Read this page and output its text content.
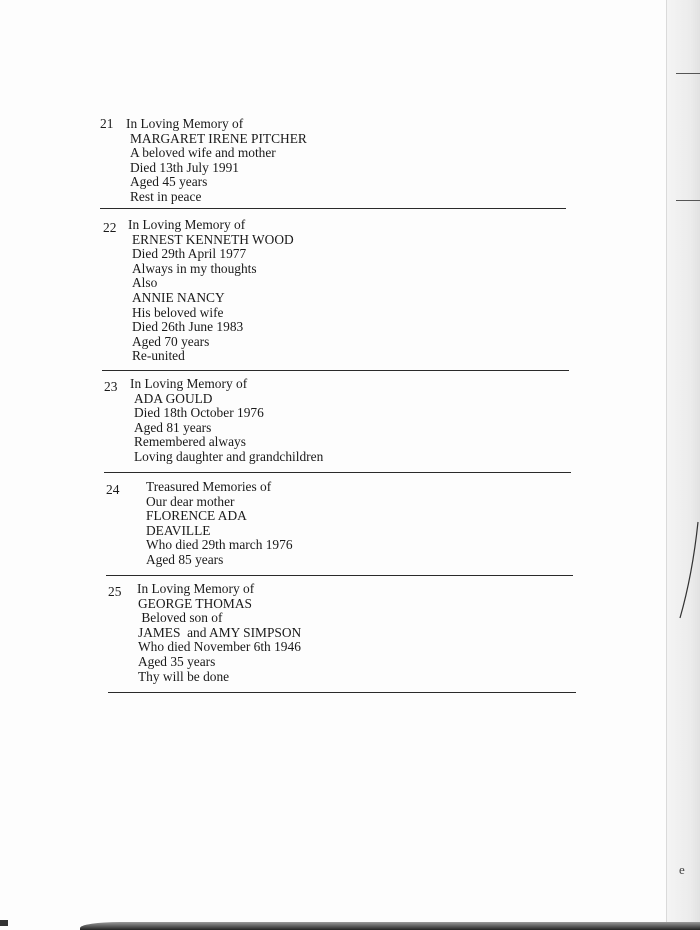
e
21 In Loving Memory of
MARGARET IRENE PITCHER
A beloved wife and mother
Died 13th July 1991
Aged 45 years
Rest in peace
22 In Loving Memory of
ERNEST KENNETH WOOD
Died 29th April 1977
Always in my thoughts
Also
ANNIE NANCY
His beloved wife
Died 26th June 1983
Aged 70 years
Re-united
23 In Loving Memory of
ADA GOULD
Died 18th October 1976
Aged 81 years
Remembered always
Loving daughter and grandchildren
24 Treasured Memories of
Our dear mother
FLORENCE ADA
DEAVILLE
Who died 29th march 1976
Aged 85 years
25 In Loving Memory of
GEORGE THOMAS
Beloved son of
JAMES  and AMY SIMPSON
Who died November 6th 1946
Aged 35 years
Thy will be done
